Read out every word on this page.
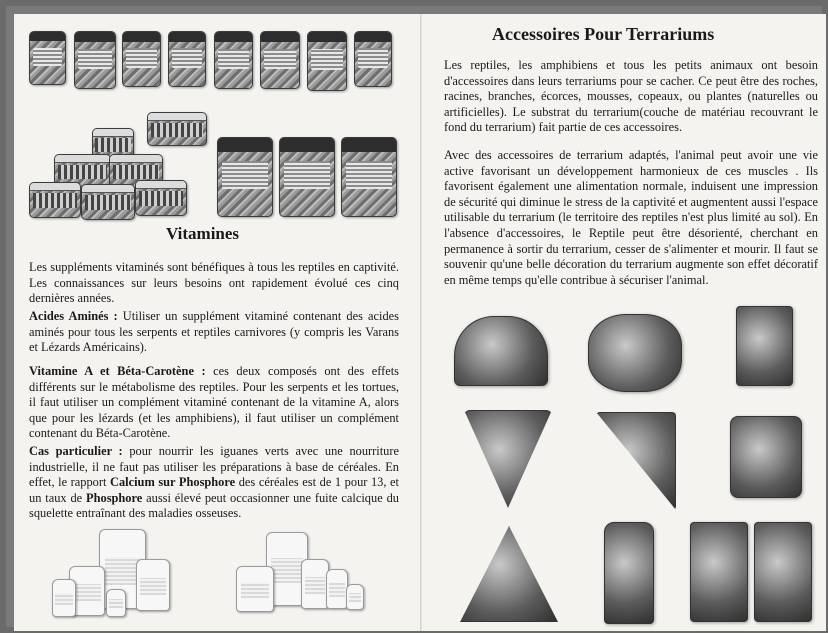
Vitamines

Les suppléments vitaminés sont bénéfiques à tous les reptiles en captivité. Les connaissances sur leurs besoins ont rapidement évolué ces cinq dernières années.

Acides Aminés : Utiliser un supplément vitaminé contenant des acides aminés pour tous les serpents et reptiles carnivores (y compris les Varans et Lézards Américains).

Vitamine A et Béta-Carotène : ces deux composés ont des effets différents sur le métabolisme des reptiles. Pour les serpents et les tortues, il faut utiliser un complément vitaminé contenant de la vitamine A, alors que pour les lézards (et les amphibiens), il faut utiliser un complément contenant du Béta-Carotène.

Cas particulier : pour nourrir les iguanes verts avec une nourriture industrielle, il ne faut pas utiliser les préparations à base de céréales. En effet, le rapport Calcium sur Phosphore des céréales est de 1 pour 13, et un taux de Phosphore aussi élevé peut occasionner une fuite calcique du squelette entraînant des maladies osseuses.

Accessoires Pour Terrariums

Les reptiles, les amphibiens et tous les petits animaux ont besoin d'accessoires dans leurs terrariums pour se cacher. Ce peut être des roches, racines, branches, écorces, mousses, copeaux, ou plantes (naturelles ou artificielles). Le substrat du terrarium(couche de matériau recouvrant le fond du terrarium) fait partie de ces accessoires.

Avec des accessoires de terrarium adaptés, l'animal peut avoir une vie active favorisant un développement harmonieux de ces muscles . Ils favorisent également une alimentation normale, induisent une impression de sécurité qui diminue le stress de la captivité et augmentent aussi l'espace utilisable du terrarium (le territoire des reptiles n'est plus limité au sol). En l'absence d'accessoires, le Reptile peut être désorienté, cherchant en permanence à sortir du terrarium, cesser de s'alimenter et mourir. Il faut se souvenir qu'une belle décoration du terrarium augmente son effet décoratif en même temps qu'elle contribue à sécuriser l'animal.
